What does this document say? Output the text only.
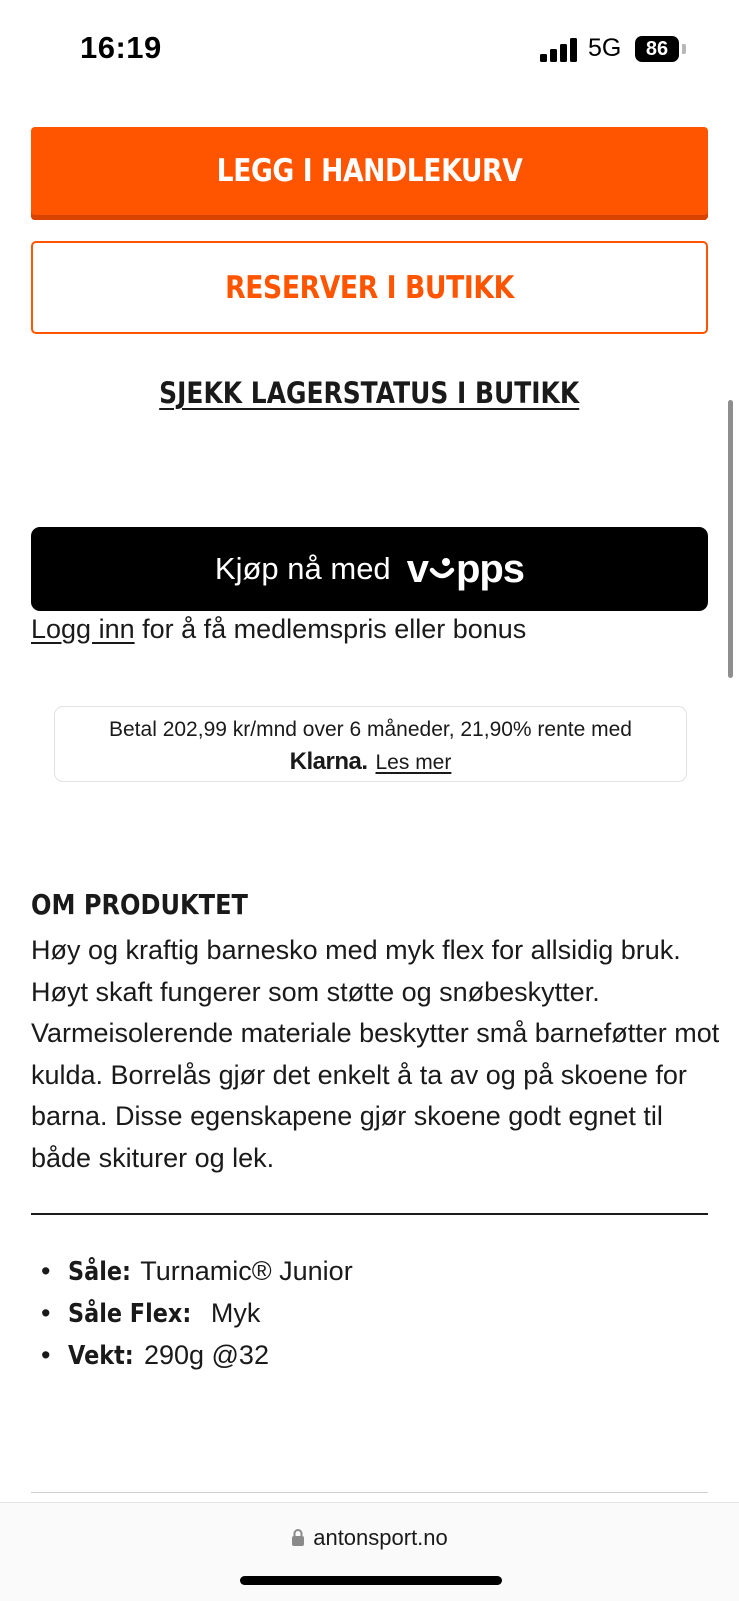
16:19	5G	86
LEGG I HANDLEKURV
RESERVER I BUTIKK
SJEKK LAGERSTATUS I BUTIKK
Kjøp nå med v pps
Logg inn for å få medlemspris eller bonus
Betal 202,99 kr/mnd over 6 måneder, 21,90% rente med
Klarna. Les mer
OM PRODUKTET
Høy og kraftig barnesko med myk flex for allsidig bruk. Høyt skaft fungerer som støtte og snøbeskytter. Varmeisolerende materiale beskytter små barneføtter mot kulda. Borrelås gjør det enkelt å ta av og på skoene for barna. Disse egenskapene gjør skoene godt egnet til både skiturer og lek.
• Såle: Turnamic® Junior
• Såle Flex: Myk
• Vekt: 290g @32
antonsport.no
